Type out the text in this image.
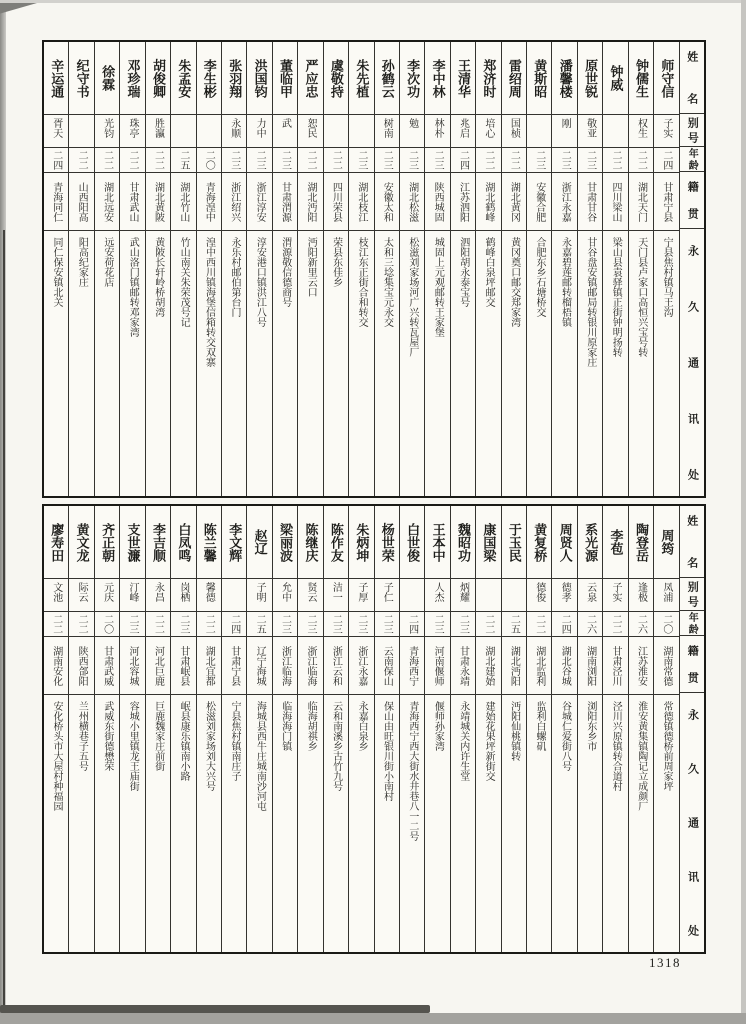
姓
名
别
号
年
龄
籍
贯
永
久
通
讯
处
师守信
子实
二四
甘肃宁县
宁县焦村镇马王沟
钟儒生
权生
二二
湖北天门
天门县卢家口高恒兴宝号转
钟威
二二
四川梁山
梁山县袁驿镇正街钟明扬转
原世锐
敬亚
二三
甘肃甘谷
甘谷盘安镇邮局转银川原家庄
潘馨楼
刚
二三
浙江永嘉
永嘉碧莲邮转榴梧镇
黄斯昭
二三
安徽合肥
合肥东乡石塘桥交
雷绍周
国桢
二二
湖北黄冈
黄冈奠口邮交郑家湾
郑济时
培心
二二
湖北鹤峰
鹤峰白泉坪邮交
王清华
兆启
二四
江苏泗阳
泗阳胡永泰宝号
李中林
林朴
二三
陕西城固
城固上元观邮转王家堡
李次功
勉
二三
湖北松滋
松滋刘家场河广兴转瓦屋厂
孙鹤云
树南
二三
安徽太和
太和三埝集宝元永交
朱先植
二三
湖北枝江
枝江东正街合和转交
虞敬持
二二
四川荣县
荣县东佳乡
严应忠
恕民
二二
湖北沔阳
沔阳新里云口
董临甲
武
二三
甘肃渭源
渭源敬信德商号
洪国钧
力中
二三
浙江淳安
淳安港口镇洪江八号
张羽翔
永顺
二三
浙江绍兴
永乐村邮伯第台门
李生彬
二〇
青海湟中
湟中西川镇海堡信箱转交双寨
朱孟安
二五
湖北竹山
竹山南关朱荣茂号记
胡俊卿
胜瀛
二二
湖北黄陂
黄陂长轩岭桥胡湾
邓珍瑞
珠亭
二二
甘肃武山
武山洛门镇邮转邓家湾
徐霖
光钧
二二
湖北远安
远安荷花店
纪守书
二二
山西阳高
阳高纪家庄
辛运通
胥天
二四
青海同仁
同仁保安镇北关
姓
名
别
号
年
龄
籍
贯
永
久
通
讯
处
周筠
凤浦
二〇
湖南常德
常德镇德桥前周家坪
陶登岳
逢极
二六
江苏淮安
淮安黄集镇陶记立成颜厂
李苞
子实
二二
甘肃泾川
泾川兴原镇转合道村
系光源
云泉
二六
湖南浏阳
浏阳东乡市
周贤人
德孝
二四
湖北谷城
谷城仁爱街八号
黄复桥
德俊
二二
湖北监利
监利白螺矶
于玉民
二五
湖北沔阳
沔阳仙桃镇转
康国梁
二二
湖北建始
建始花果坪新街交
魏昭功
炳耀
二三
甘肃永靖
永靖城关内许生堂
王本中
人杰
二三
河南偃师
偃师孙家湾
白世俊
二四
青海西宁
青海西宁西大街水井巷八一二号
杨世荣
子仁
二三
云南保山
保山由旺银川街小南村
朱炳坤
子厚
二三
浙江永嘉
永嘉白泉乡
陈作友
洁一
二三
浙江云和
云和南溪乡古竹九号
陈继庆
贤云
二三
浙江临海
临海胡祺乡
梁丽波
允中
二三
浙江临海
临海海门镇
赵辽
子明
二五
辽宁海城
海城县西牛庄城南沙河屯
李文辉
二四
甘肃宁县
宁县焦村镇南庄子
陈兰馨
馨德
二二
湖北宜都
松滋刘家场刘大兴号
白凤鸣
岗栖
二三
甘肃岷县
岷县康乐镇南小路
李吉顺
永昌
二二
河北巨鹿
巨鹿魏家庄前街
支世濂
汀峰
二三
河北容城
容城小里镇龙王庙街
齐正朝
元庆
二〇
甘肃武威
武威东街德懋荣
黄文龙
际云
二二
陕西郃阳
兰州横巷子五号
廖寿田
文池
二二
湖南安化
安化桥头市大屋村种福园
1318
